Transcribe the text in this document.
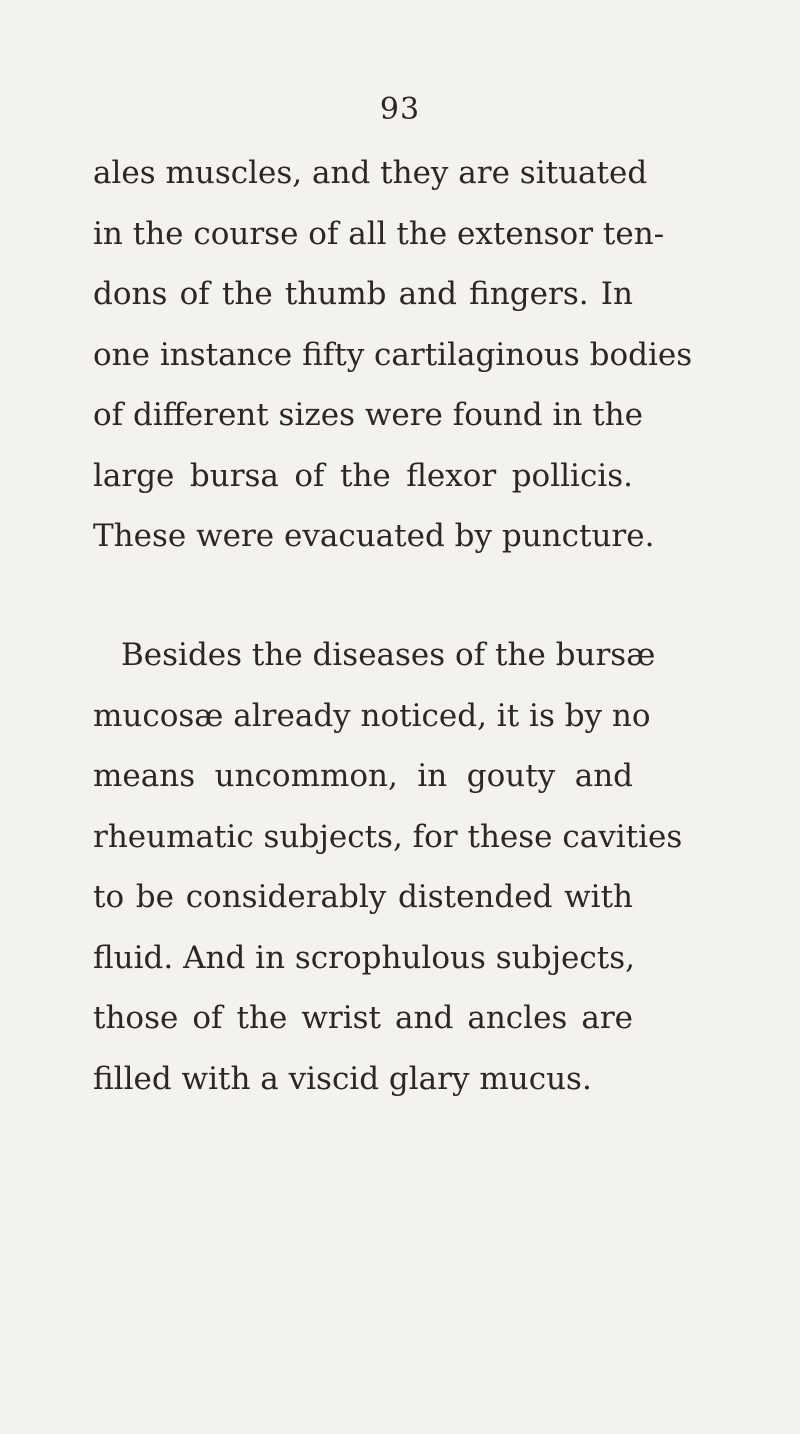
93
ales muscles, and they are situated
in the course of all the extensor ten-
dons of the thumb and fingers. In
one instance fifty cartilaginous bodies
of different sizes were found in the
large bursa of the flexor pollicis.
These were evacuated by puncture.
Besides the diseases of the bursæ
mucosæ already noticed, it is by no
means uncommon, in gouty and
rheumatic subjects, for these cavities
to be considerably distended with
fluid. And in scrophulous subjects,
those of the wrist and ancles are
filled with a viscid glary mucus.
